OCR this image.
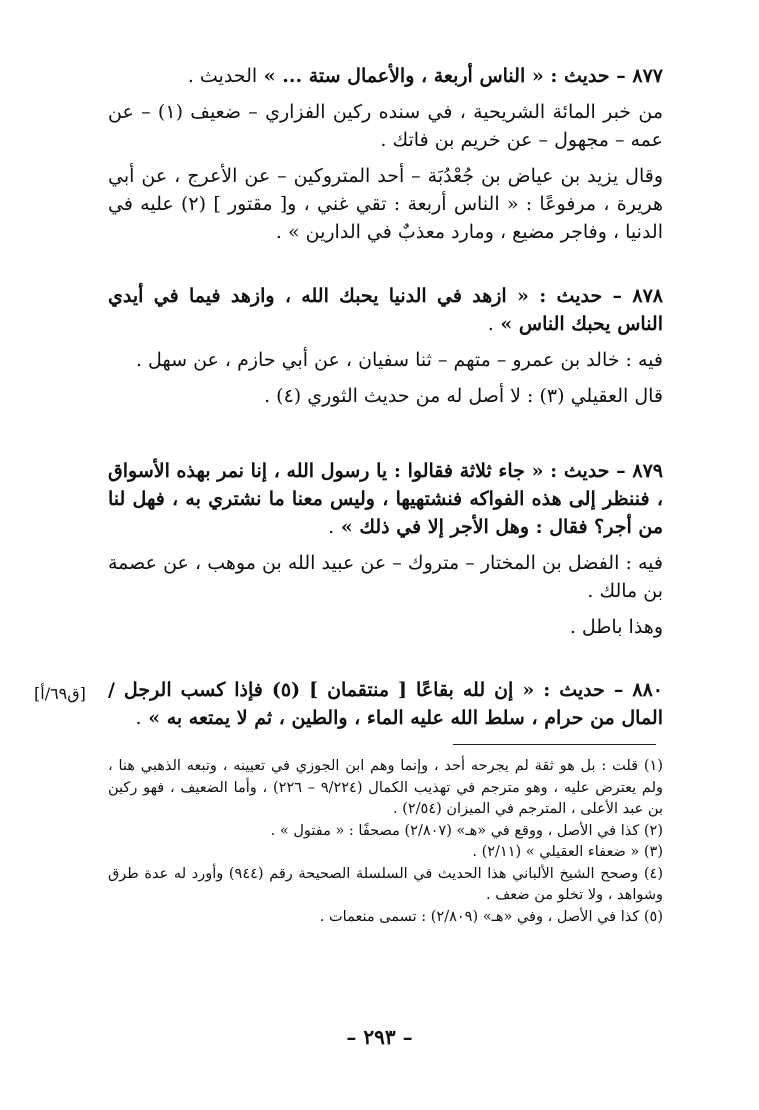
٨٧٧ – حديث : « الناس أربعة ، والأعمال ستة ... » الحديث .

من خبر المائة الشريحية ، في سنده ركين الفزاري – ضعيف (١) – عن عمه – مجهول – عن خريم بن فاتك .

وقال يزيد بن عياض بن جُعْدُبَة – أحد المتروكين – عن الأعرج ، عن أبي هريرة ، مرفوعًا : « الناس أربعة : تقي غني ، و[ مقتور ] (٢) عليه في الدنيا ، وفاجر مضيع ، ومارد معذبٌ في الدارين » .

٨٧٨ – حديث : « ازهد في الدنيا يحبك الله ، وازهد فيما في أيدي الناس يحبك الناس » .

فيه : خالد بن عمرو – متهم – ثنا سفيان ، عن أبي حازم ، عن سهل .

قال العقيلي (٣) : لا أصل له من حديث الثوري (٤) .

٨٧٩ – حديث : « جاء ثلاثة فقالوا : يا رسول الله ، إنا نمر بهذه الأسواق ، فننظر إلى هذه الفواكه فنشتهيها ، وليس معنا ما نشتري به ، فهل لنا من أجر؟ فقال : وهل الأجر إلا في ذلك » .

فيه : الفضل بن المختار – متروك – عن عبيد الله بن موهب ، عن عصمة بن مالك .

وهذا باطل .

٨٨٠ – حديث : « إن لله بقاعًا [ منتقمان ] (٥) فإذا كسب الرجل / المال من حرام ، سلط الله عليه الماء ، والطين ، ثم لا يمتعه به » .

[ق٦٩/أ]

(١) قلت : بل هو ثقة لم يجرحه أحد ، وإنما وهم ابن الجوزي في تعيينه ، وتبعه الذهبي هنا ، ولم يعترض عليه ، وهو مترجم في تهذيب الكمال (٩/٢٢٤ – ٢٢٦) ، وأما الضعيف ، فهو ركين بن عبد الأعلى ، المترجم في الميزان (٢/٥٤) .

(٢) كذا في الأصل ، ووقع في «هـ» (٢/٨٠٧) مصحفًا : « مفتول » .

(٣) « ضعفاء العقيلي » (٢/١١) .

(٤) وصحح الشيخ الألباني هذا الحديث في السلسلة الصحيحة رقم (٩٤٤) وأورد له عدة طرق وشواهد ، ولا تخلو من ضعف .

(٥) كذا في الأصل ، وفي «هـ» (٢/٨٠٩) : تسمى منعمات .

– ٢٩٣ –
